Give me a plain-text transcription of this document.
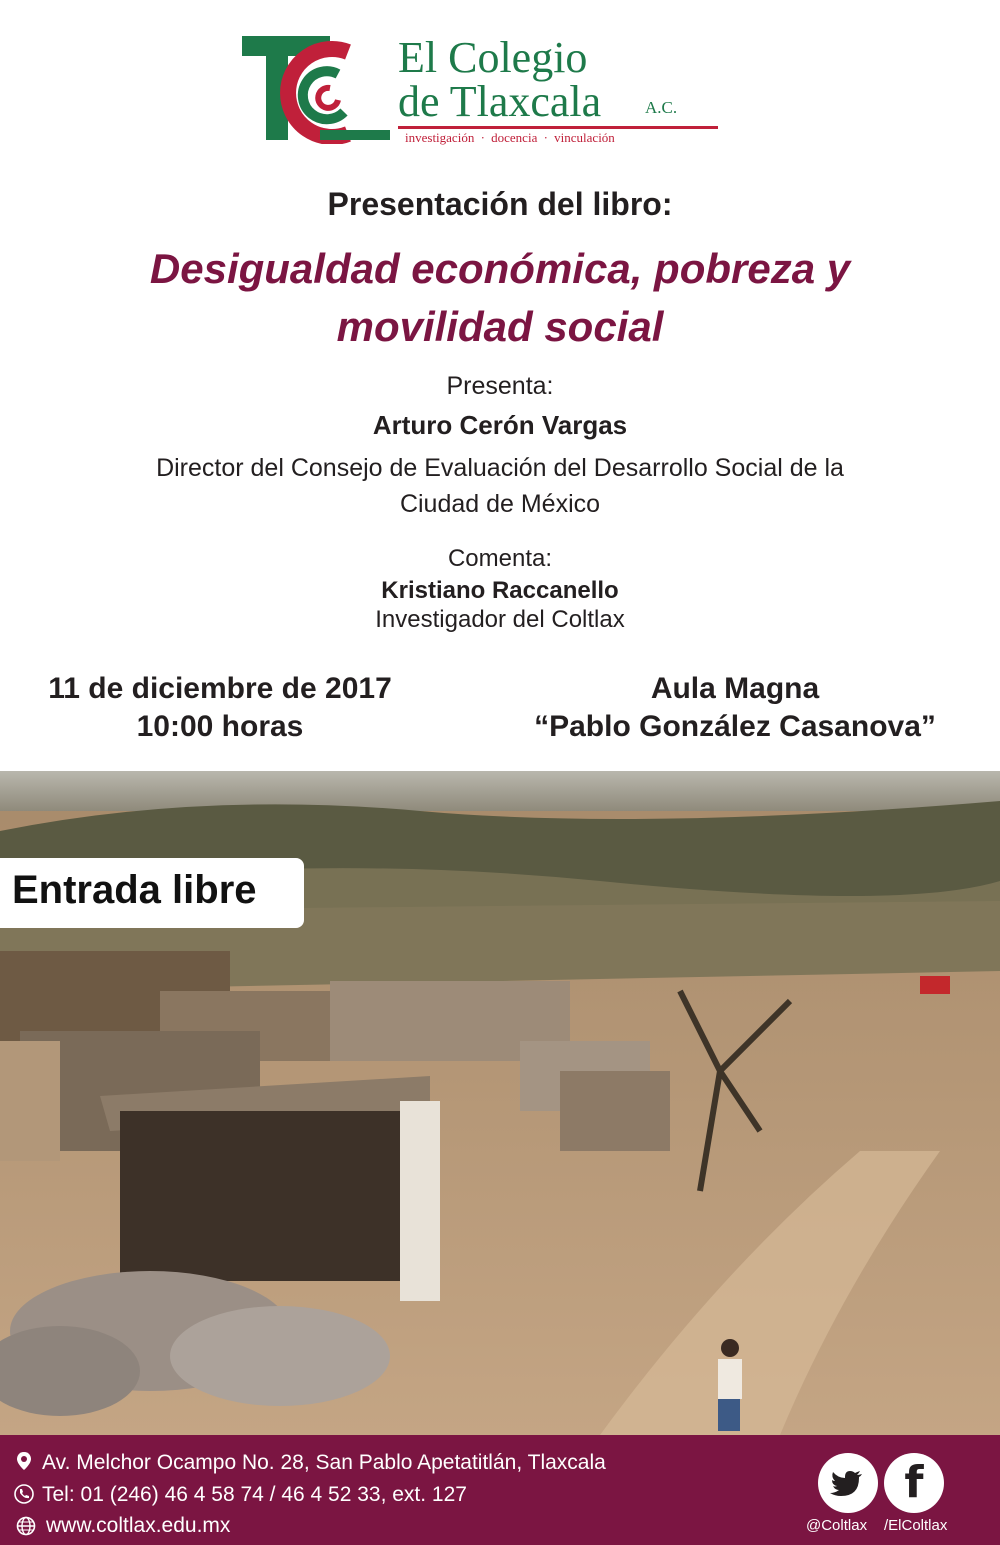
El Colegio
de Tlaxcala	A.C.
investigación · docencia · vinculación
Presentación del libro:
Desigualdad económica, pobreza y
movilidad social
Presenta:
Arturo Cerón Vargas
Director del Consejo de Evaluación del Desarrollo Social de la
Ciudad de México
Comenta:
Kristiano Raccanello
Investigador del Coltlax
11 de diciembre de 2017
10:00 horas
Aula Magna
“Pablo González Casanova”
Entrada libre
Av. Melchor Ocampo No. 28, San Pablo Apetatitlán, Tlaxcala
Tel: 01 (246) 46 4 58 74 / 46 4 52 33, ext. 127
www.coltlax.edu.mx
f
@Coltlax /ElColtlax
